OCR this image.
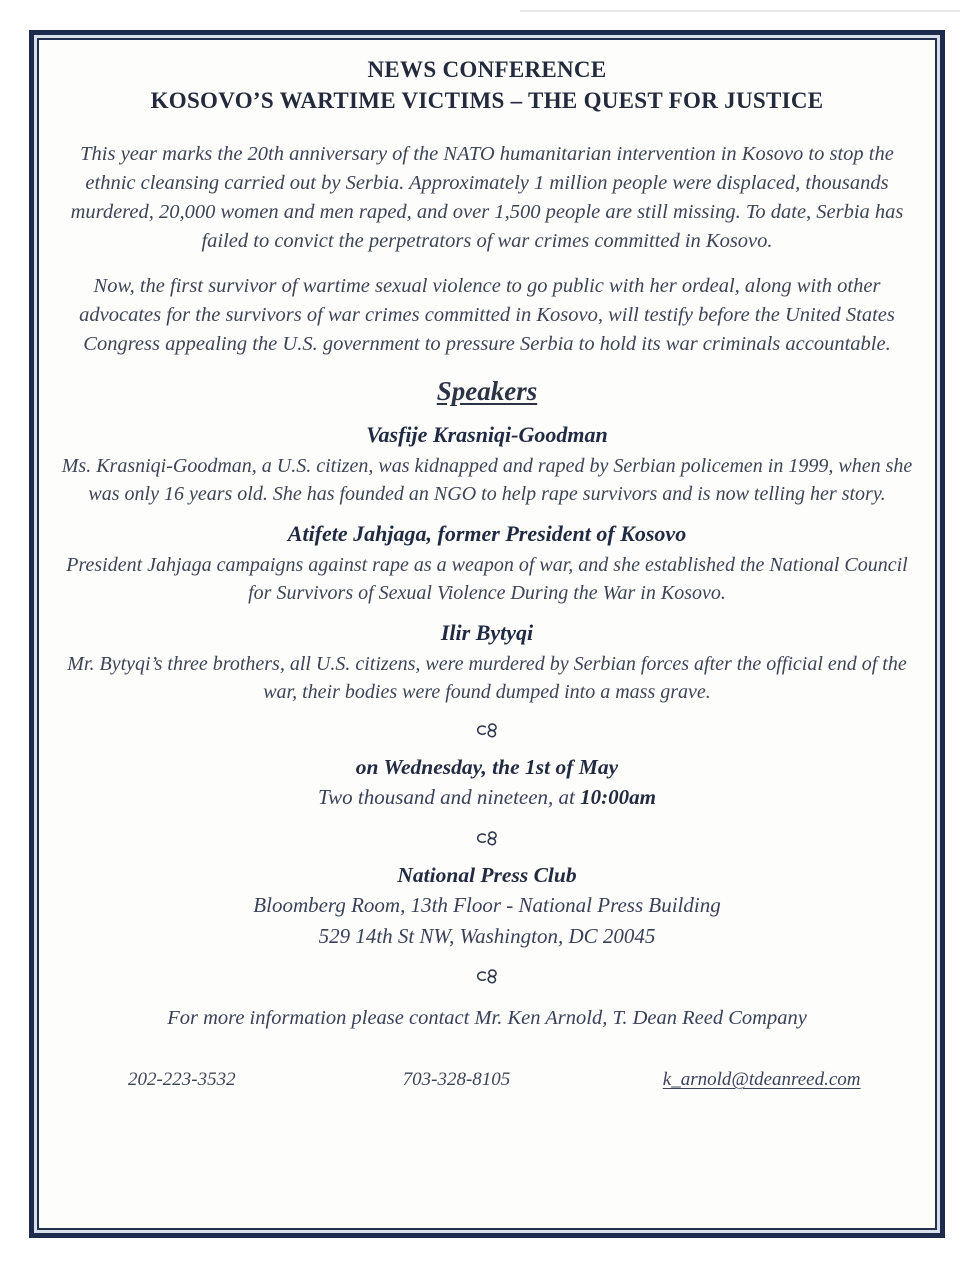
NEWS CONFERENCE
KOSOVO’S WARTIME VICTIMS – THE QUEST FOR JUSTICE
This year marks the 20th anniversary of the NATO humanitarian intervention in Kosovo to stop the ethnic cleansing carried out by Serbia. Approximately 1 million people were displaced, thousands murdered, 20,000 women and men raped, and over 1,500 people are still missing. To date, Serbia has failed to convict the perpetrators of war crimes committed in Kosovo.
Now, the first survivor of wartime sexual violence to go public with her ordeal, along with other advocates for the survivors of war crimes committed in Kosovo, will testify before the United States Congress appealing the U.S. government to pressure Serbia to hold its war criminals accountable.
Speakers
Vasfije Krasniqi-Goodman
Ms. Krasniqi-Goodman, a U.S. citizen, was kidnapped and raped by Serbian policemen in 1999, when she was only 16 years old. She has founded an NGO to help rape survivors and is now telling her story.
Atifete Jahjaga, former President of Kosovo
President Jahjaga campaigns against rape as a weapon of war, and she established the National Council for Survivors of Sexual Violence During the War in Kosovo.
Ilir Bytyqi
Mr. Bytyqi’s three brothers, all U.S. citizens, were murdered by Serbian forces after the official end of the war, their bodies were found dumped into a mass grave.
on Wednesday, the 1st of May
Two thousand and nineteen, at 10:00am
National Press Club
Bloomberg Room, 13th Floor - National Press Building
529 14th St NW, Washington, DC 20045
For more information please contact Mr. Ken Arnold, T. Dean Reed Company
202-223-3532	703-328-8105	k_arnold@tdeanreed.com
